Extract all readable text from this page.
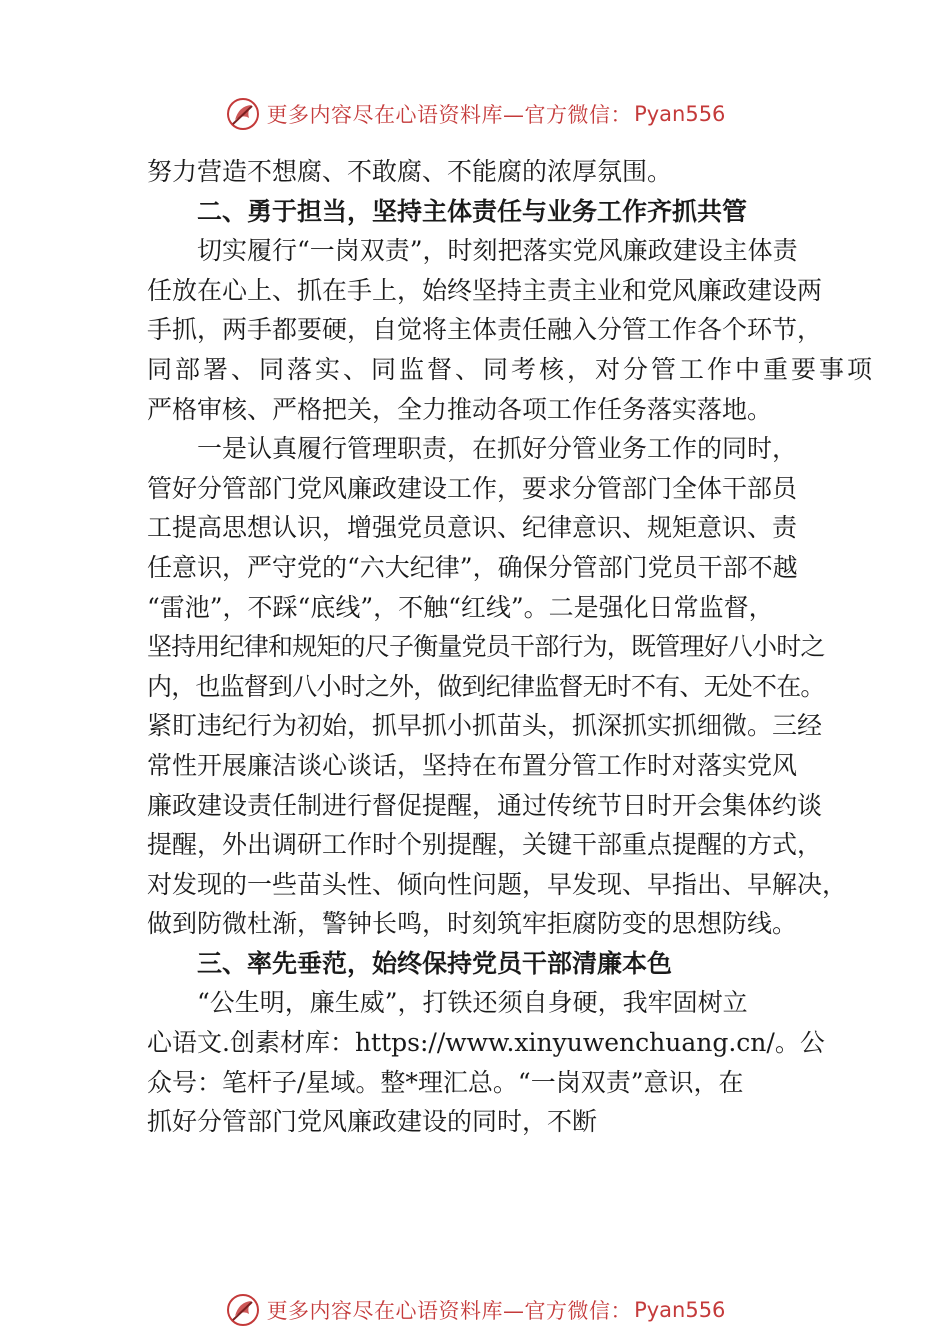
更多内容尽在心语资料库—官方微信： Pyan556
努力营造不想腐、不敢腐、不能腐的浓厚氛围。
二、勇于担当，坚持主体责任与业务工作齐抓共管
切实履行“一岗双责”，时刻把落实党风廉政建设主体责
任放在心上、抓在手上，始终坚持主责主业和党风廉政建设两
手抓，两手都要硬，自觉将主体责任融入分管工作各个环节，
同部署、同落实、同监督、同考核，对分管工作中重要事项
严格审核、严格把关，全力推动各项工作任务落实落地。
一是认真履行管理职责，在抓好分管业务工作的同时，
管好分管部门党风廉政建设工作，要求分管部门全体干部员
工提高思想认识，增强党员意识、纪律意识、规矩意识、责
任意识，严守党的“六大纪律”，确保分管部门党员干部不越
“雷池”，不踩“底线”，不触“红线”。二是强化日常监督，
坚持用纪律和规矩的尺子衡量党员干部行为，既管理好八小时之
内，也监督到八小时之外，做到纪律监督无时不有、无处不在。
紧盯违纪行为初始，抓早抓小抓苗头，抓深抓实抓细微。三经
常性开展廉洁谈心谈话，坚持在布置分管工作时对落实党风
廉政建设责任制进行督促提醒，通过传统节日时开会集体约谈
提醒，外出调研工作时个别提醒，关键干部重点提醒的方式，
对发现的一些苗头性、倾向性问题，早发现、早指出、早解决，
做到防微杜渐，警钟长鸣，时刻筑牢拒腐防变的思想防线。
三、率先垂范，始终保持党员干部清廉本色
“公生明，廉生威”，打铁还须自身硬，我牢固树立
心语文.创素材库：https://www.xinyuwenchuang.cn/。公
众号：笔杆子/星域。整*理汇总。“一岗双责”意识，在
抓好分管部门党风廉政建设的同时，不断
更多内容尽在心语资料库—官方微信： Pyan556
